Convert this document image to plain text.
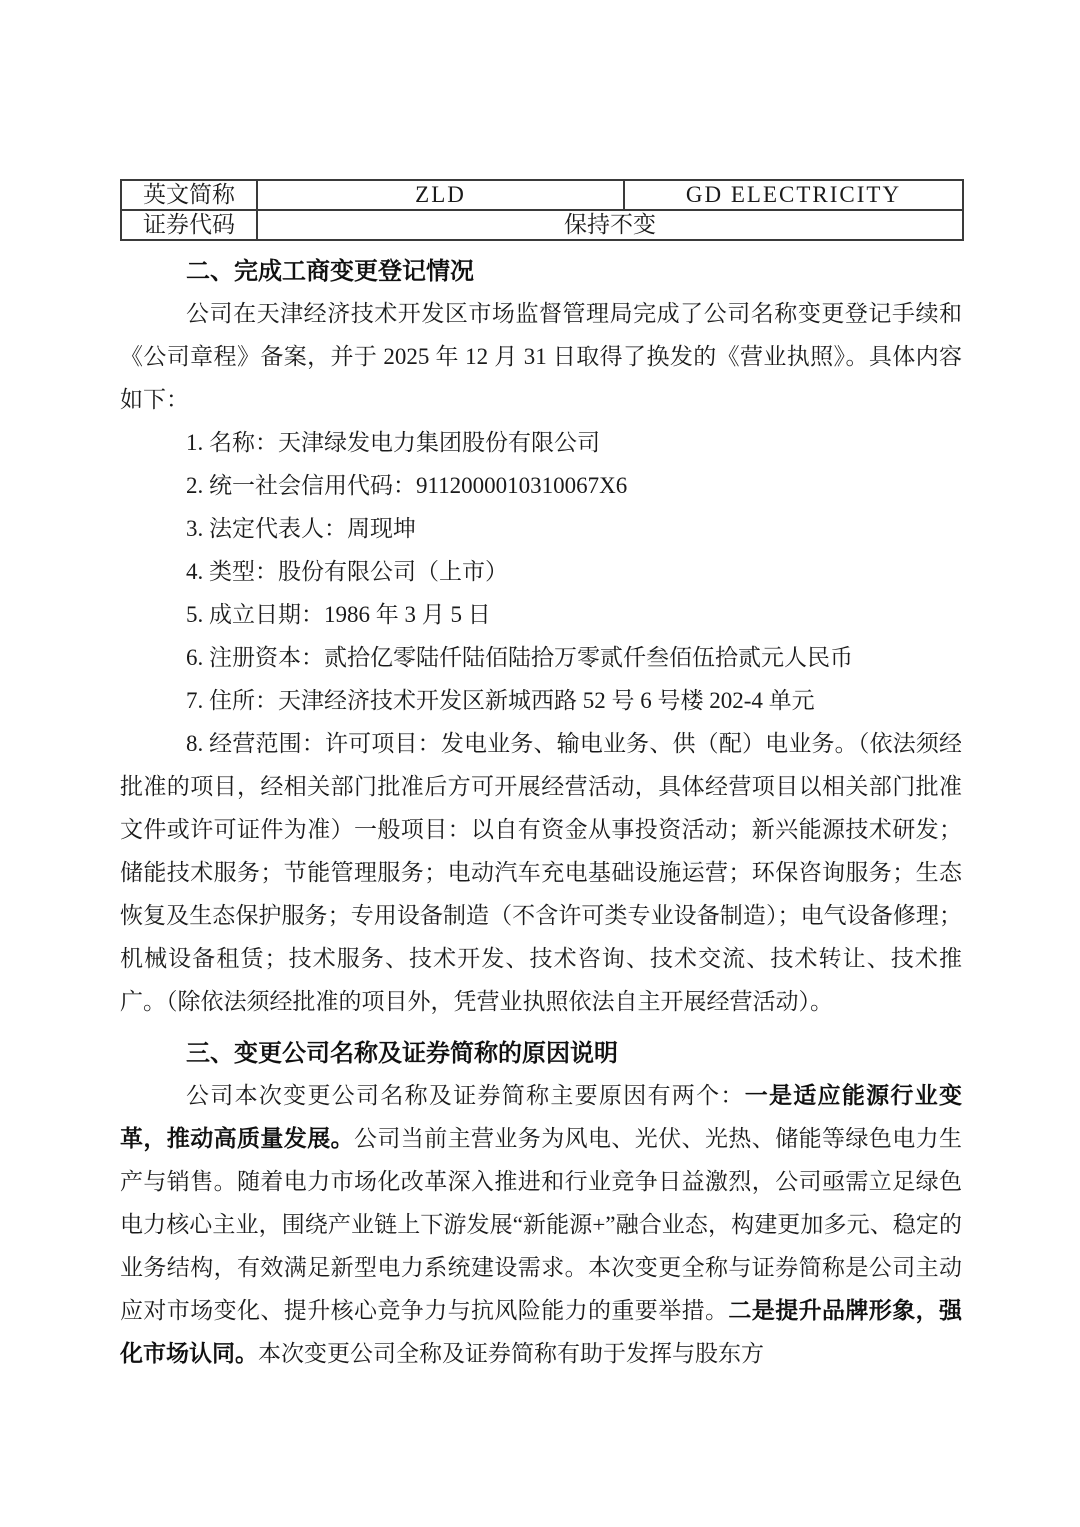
英文简称	ZLD	GD ELECTRICITY
证券代码	保持不变	
二、完成工商变更登记情况

公司在天津经济技术开发区市场监督管理局完成了公司名称变更登记手续和《公司章程》备案，并于 2025 年 12 月 31 日取得了换发的《营业执照》。具体内容如下：

1. 名称：天津绿发电力集团股份有限公司

2. 统一社会信用代码：9112000010310067X6

3. 法定代表人：周现坤

4. 类型：股份有限公司（上市）

5. 成立日期：1986 年 3 月 5 日

6. 注册资本：贰拾亿零陆仟陆佰陆拾万零贰仟叁佰伍拾贰元人民币

7. 住所：天津经济技术开发区新城西路 52 号 6 号楼 202-4 单元

8. 经营范围：许可项目：发电业务、输电业务、供（配）电业务。（依法须经批准的项目，经相关部门批准后方可开展经营活动，具体经营项目以相关部门批准文件或许可证件为准）一般项目：以自有资金从事投资活动；新兴能源技术研发；储能技术服务；节能管理服务；电动汽车充电基础设施运营；环保咨询服务；生态恢复及生态保护服务；专用设备制造（不含许可类专业设备制造）；电气设备修理；机械设备租赁；技术服务、技术开发、技术咨询、技术交流、技术转让、技术推广。（除依法须经批准的项目外，凭营业执照依法自主开展经营活动）。

三、变更公司名称及证券简称的原因说明

公司本次变更公司名称及证券简称主要原因有两个：一是适应能源行业变革，推动高质量发展。公司当前主营业务为风电、光伏、光热、储能等绿色电力生产与销售。随着电力市场化改革深入推进和行业竞争日益激烈，公司亟需立足绿色电力核心主业，围绕产业链上下游发展“新能源+”融合业态，构建更加多元、稳定的业务结构，有效满足新型电力系统建设需求。本次变更全称与证券简称是公司主动应对市场变化、提升核心竞争力与抗风险能力的重要举措。二是提升品牌形象，强化市场认同。本次变更公司全称及证券简称有助于发挥与股东方
